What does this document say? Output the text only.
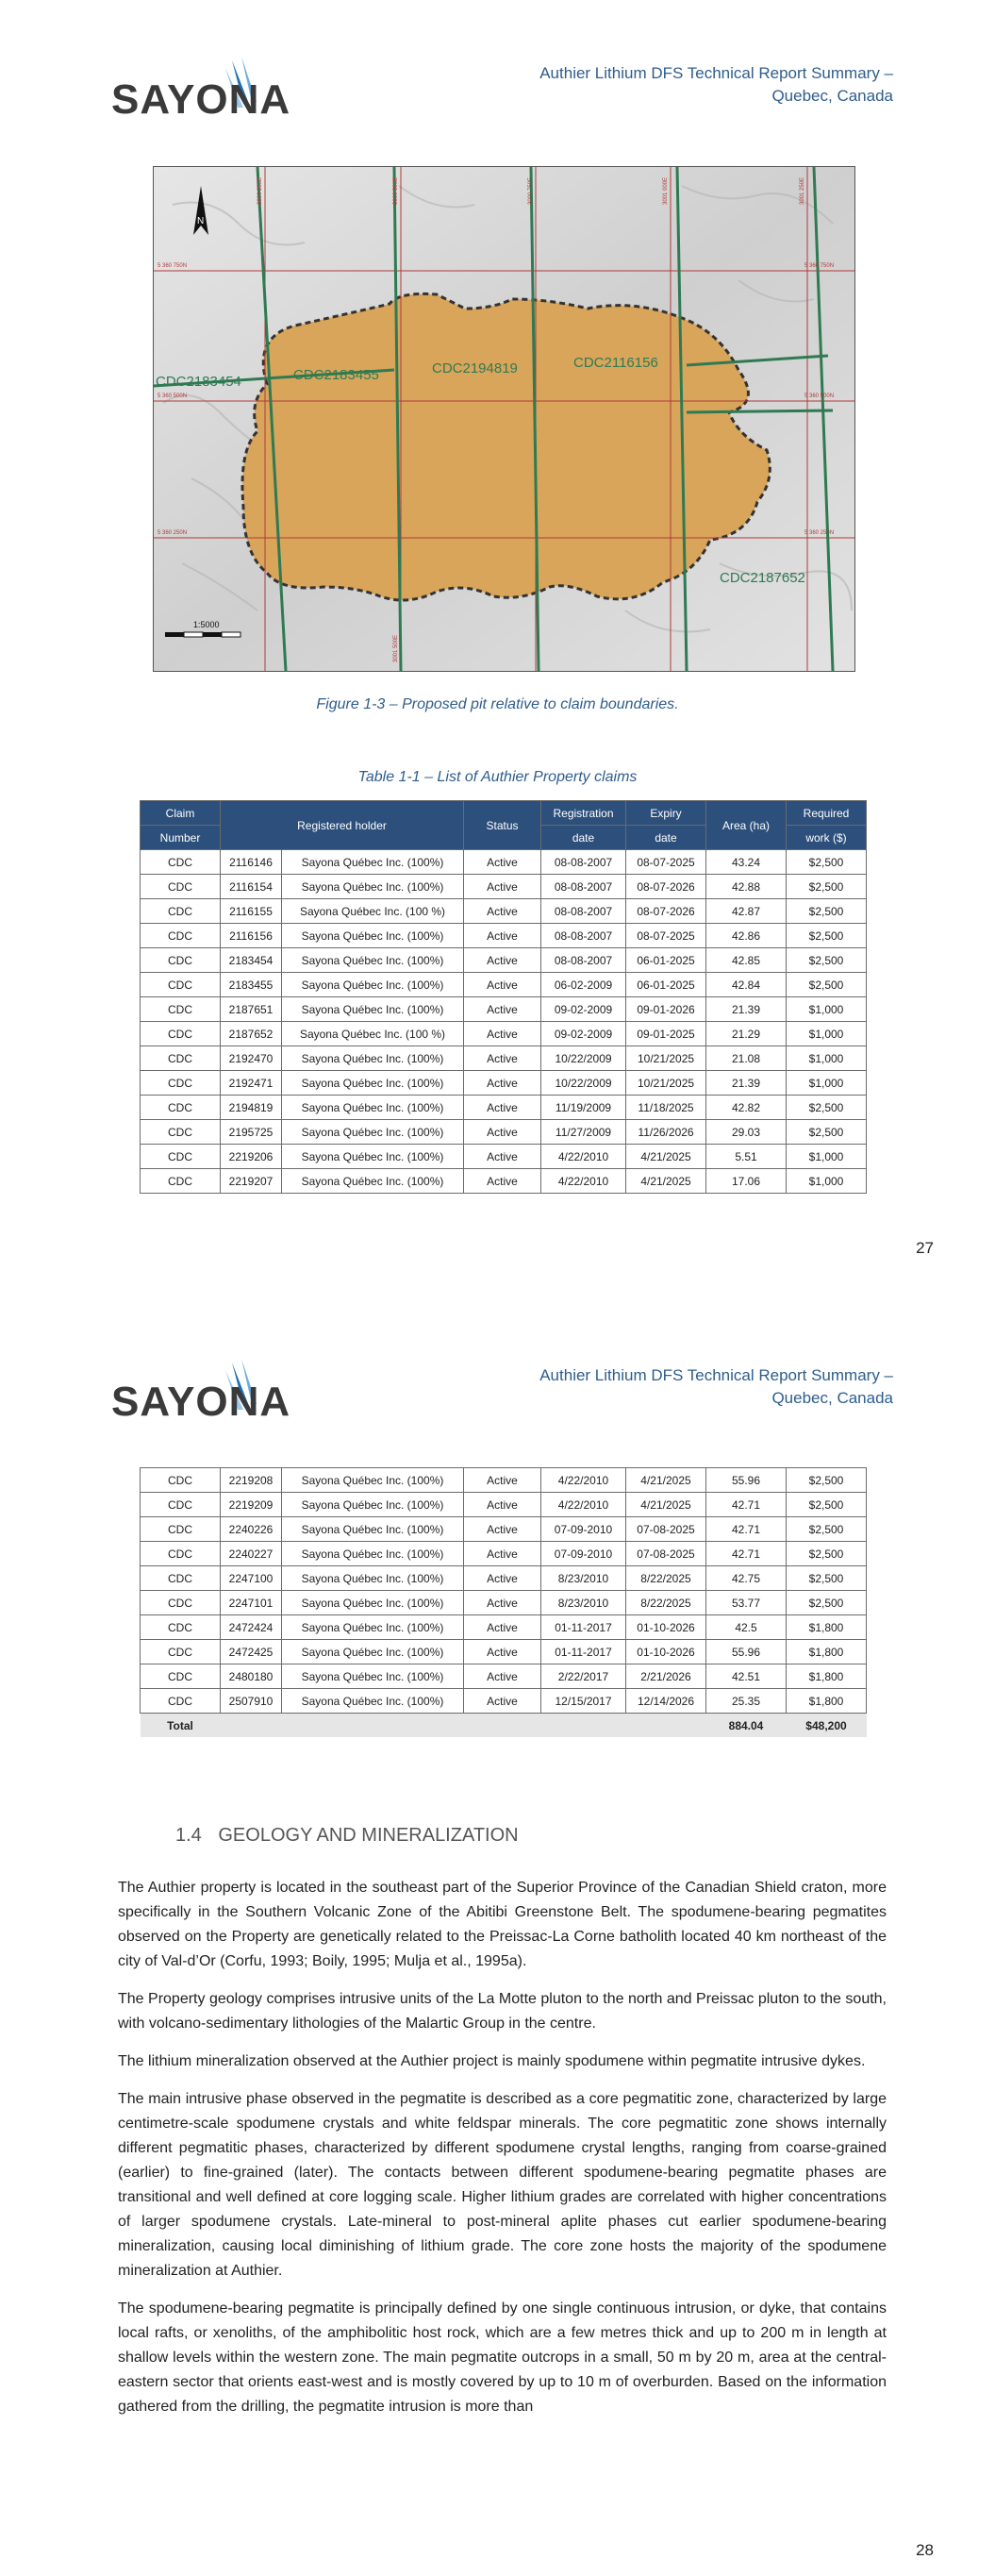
SAYONA
Authier Lithium DFS Technical Report Summary –
Quebec, Canada
CDC2183454	CDC2183455	CDC2194819	CDC2116156
CDC2187652
5 360 750N	5 360 750N
5 360 500N	5 360 500N
5 360 250N	5 360 250N
3000 250E	3000 500E	3000 750E	3001 000E	3001 250E
3001 500E
N
1:5000
Figure 1-3 – Proposed pit relative to claim boundaries.
Table 1-1 – List of Authier Property claims
Claim	Registered holder		Status	Registration	Expiry	Area (ha)	Required
Number				date	date		work ($)
CDC	2116146	Sayona Québec Inc. (100%)	Active	08-08-2007	08-07-2025	43.24	$2,500
CDC	2116154	Sayona Québec Inc. (100%)	Active	08-08-2007	08-07-2026	42.88	$2,500
CDC	2116155	Sayona Québec Inc. (100 %)	Active	08-08-2007	08-07-2026	42.87	$2,500
CDC	2116156	Sayona Québec Inc. (100%)	Active	08-08-2007	08-07-2025	42.86	$2,500
CDC	2183454	Sayona Québec Inc. (100%)	Active	08-08-2007	06-01-2025	42.85	$2,500
CDC	2183455	Sayona Québec Inc. (100%)	Active	06-02-2009	06-01-2025	42.84	$2,500
CDC	2187651	Sayona Québec Inc. (100%)	Active	09-02-2009	09-01-2026	21.39	$1,000
CDC	2187652	Sayona Québec Inc. (100 %)	Active	09-02-2009	09-01-2025	21.29	$1,000
CDC	2192470	Sayona Québec Inc. (100%)	Active	10/22/2009	10/21/2025	21.08	$1,000
CDC	2192471	Sayona Québec Inc. (100%)	Active	10/22/2009	10/21/2025	21.39	$1,000
CDC	2194819	Sayona Québec Inc. (100%)	Active	11/19/2009	11/18/2025	42.82	$2,500
CDC	2195725	Sayona Québec Inc. (100%)	Active	11/27/2009	11/26/2026	29.03	$2,500
CDC	2219206	Sayona Québec Inc. (100%)	Active	4/22/2010	4/21/2025	5.51	$1,000
CDC	2219207	Sayona Québec Inc. (100%)	Active	4/22/2010	4/21/2025	17.06	$1,000
27
SAYONA
Authier Lithium DFS Technical Report Summary –
Quebec, Canada
CDC	2219208	Sayona Québec Inc. (100%)	Active	4/22/2010	4/21/2025	55.96	$2,500
CDC	2219209	Sayona Québec Inc. (100%)	Active	4/22/2010	4/21/2025	42.71	$2,500
CDC	2240226	Sayona Québec Inc. (100%)	Active	07-09-2010	07-08-2025	42.71	$2,500
CDC	2240227	Sayona Québec Inc. (100%)	Active	07-09-2010	07-08-2025	42.71	$2,500
CDC	2247100	Sayona Québec Inc. (100%)	Active	8/23/2010	8/22/2025	42.75	$2,500
CDC	2247101	Sayona Québec Inc. (100%)	Active	8/23/2010	8/22/2025	53.77	$2,500
CDC	2472424	Sayona Québec Inc. (100%)	Active	01-11-2017	01-10-2026	42.5	$1,800
CDC	2472425	Sayona Québec Inc. (100%)	Active	01-11-2017	01-10-2026	55.96	$1,800
CDC	2480180	Sayona Québec Inc. (100%)	Active	2/22/2017	2/21/2026	42.51	$1,800
CDC	2507910	Sayona Québec Inc. (100%)	Active	12/15/2017	12/14/2026	25.35	$1,800
Total						884.04	$48,200
1.4 GEOLOGY AND MINERALIZATION

The Authier property is located in the southeast part of the Superior Province of the Canadian Shield craton, more specifically in the Southern Volcanic Zone of the Abitibi Greenstone Belt. The spodumene-bearing pegmatites observed on the Property are genetically related to the Preissac-La Corne batholith located 40 km northeast of the city of Val-d’Or (Corfu, 1993; Boily, 1995; Mulja et al., 1995a).

The Property geology comprises intrusive units of the La Motte pluton to the north and Preissac pluton to the south, with volcano-sedimentary lithologies of the Malartic Group in the centre.

The lithium mineralization observed at the Authier project is mainly spodumene within pegmatite intrusive dykes.

The main intrusive phase observed in the pegmatite is described as a core pegmatitic zone, characterized by large centimetre-scale spodumene crystals and white feldspar minerals. The core pegmatitic zone shows internally different pegmatitic phases, characterized by different spodumene crystal lengths, ranging from coarse-grained (earlier) to fine-grained (later). The contacts between different spodumene-bearing pegmatite phases are transitional and well defined at core logging scale. Higher lithium grades are correlated with higher concentrations of larger spodumene crystals. Late-mineral to post-mineral aplite phases cut earlier spodumene-bearing mineralization, causing local diminishing of lithium grade. The core zone hosts the majority of the spodumene mineralization at Authier.

The spodumene-bearing pegmatite is principally defined by one single continuous intrusion, or dyke, that contains local rafts, or xenoliths, of the amphibolitic host rock, which are a few metres thick and up to 200 m in length at shallow levels within the western zone. The main pegmatite outcrops in a small, 50 m by 20 m, area at the central-eastern sector that orients east-west and is mostly covered by up to 10 m of overburden. Based on the information gathered from the drilling, the pegmatite intrusion is more than

28
